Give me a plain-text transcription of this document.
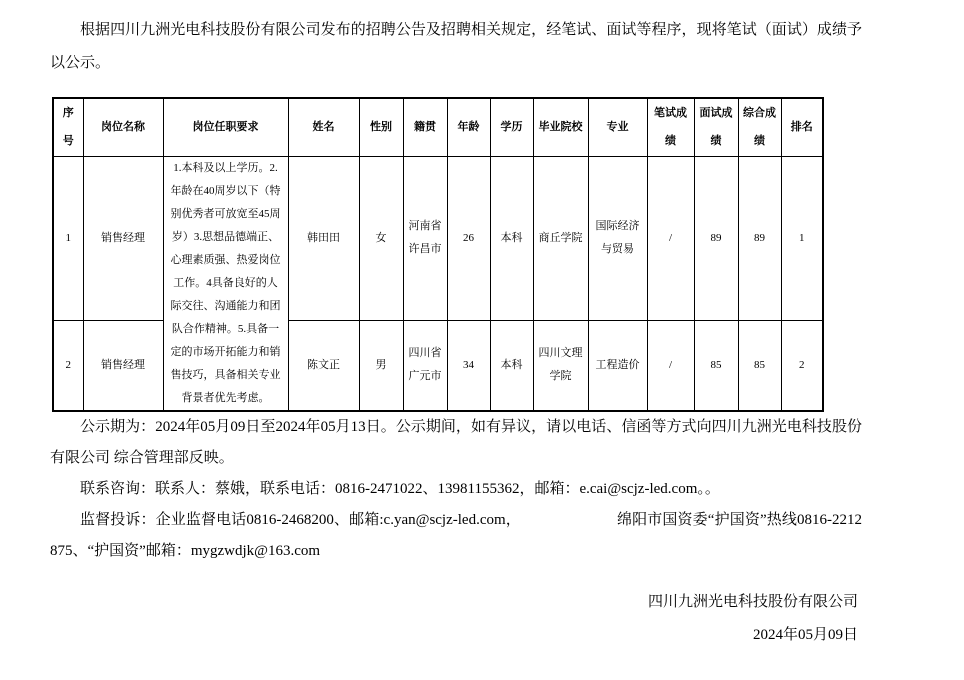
根据四川九洲光电科技股份有限公司发布的招聘公告及招聘相关规定，经笔试、面试等程序，现将笔试（面试）成绩予以公示。

序号	岗位名称	岗位任职要求	姓名	性别	籍贯	年龄	学历	毕业院校	专业	笔试成绩	面试成绩	综合成绩	排名
1	销售经理	1.本科及以上学历。2.年龄在40周岁以下（特别优秀者可放宽至45周岁）3.思想品德端正、心理素质强、热爱岗位工作。4具备良好的人际交往、沟通能力和团队合作精神。5.具备一定的市场开拓能力和销售技巧，具备相关专业背景者优先考虑。	韩田田	女	河南省许昌市	26	本科	商丘学院	国际经济与贸易	/	89	89	1
2	销售经理		陈文正	男	四川省广元市	34	本科	四川文理学院	工程造价	/	85	85	2

公示期为：2024年05月09日至2024年05月13日。公示期间，如有异议，请以电话、信函等方式向四川九洲光电科技股份有限公司 综合管理部反映。

联系咨询：联系人：蔡娥，联系电话：0816-2471022、13981155362，邮箱：e.cai@scjz-led.com。。

监督投诉：企业监督电话0816-2468200、邮箱:c.yan@scjz-led.com，	绵阳市国资委“护国资”热线0816-2212875、“护国资”邮箱：mygzwdjk@163.com

四川九洲光电科技股份有限公司
2024年05月09日
